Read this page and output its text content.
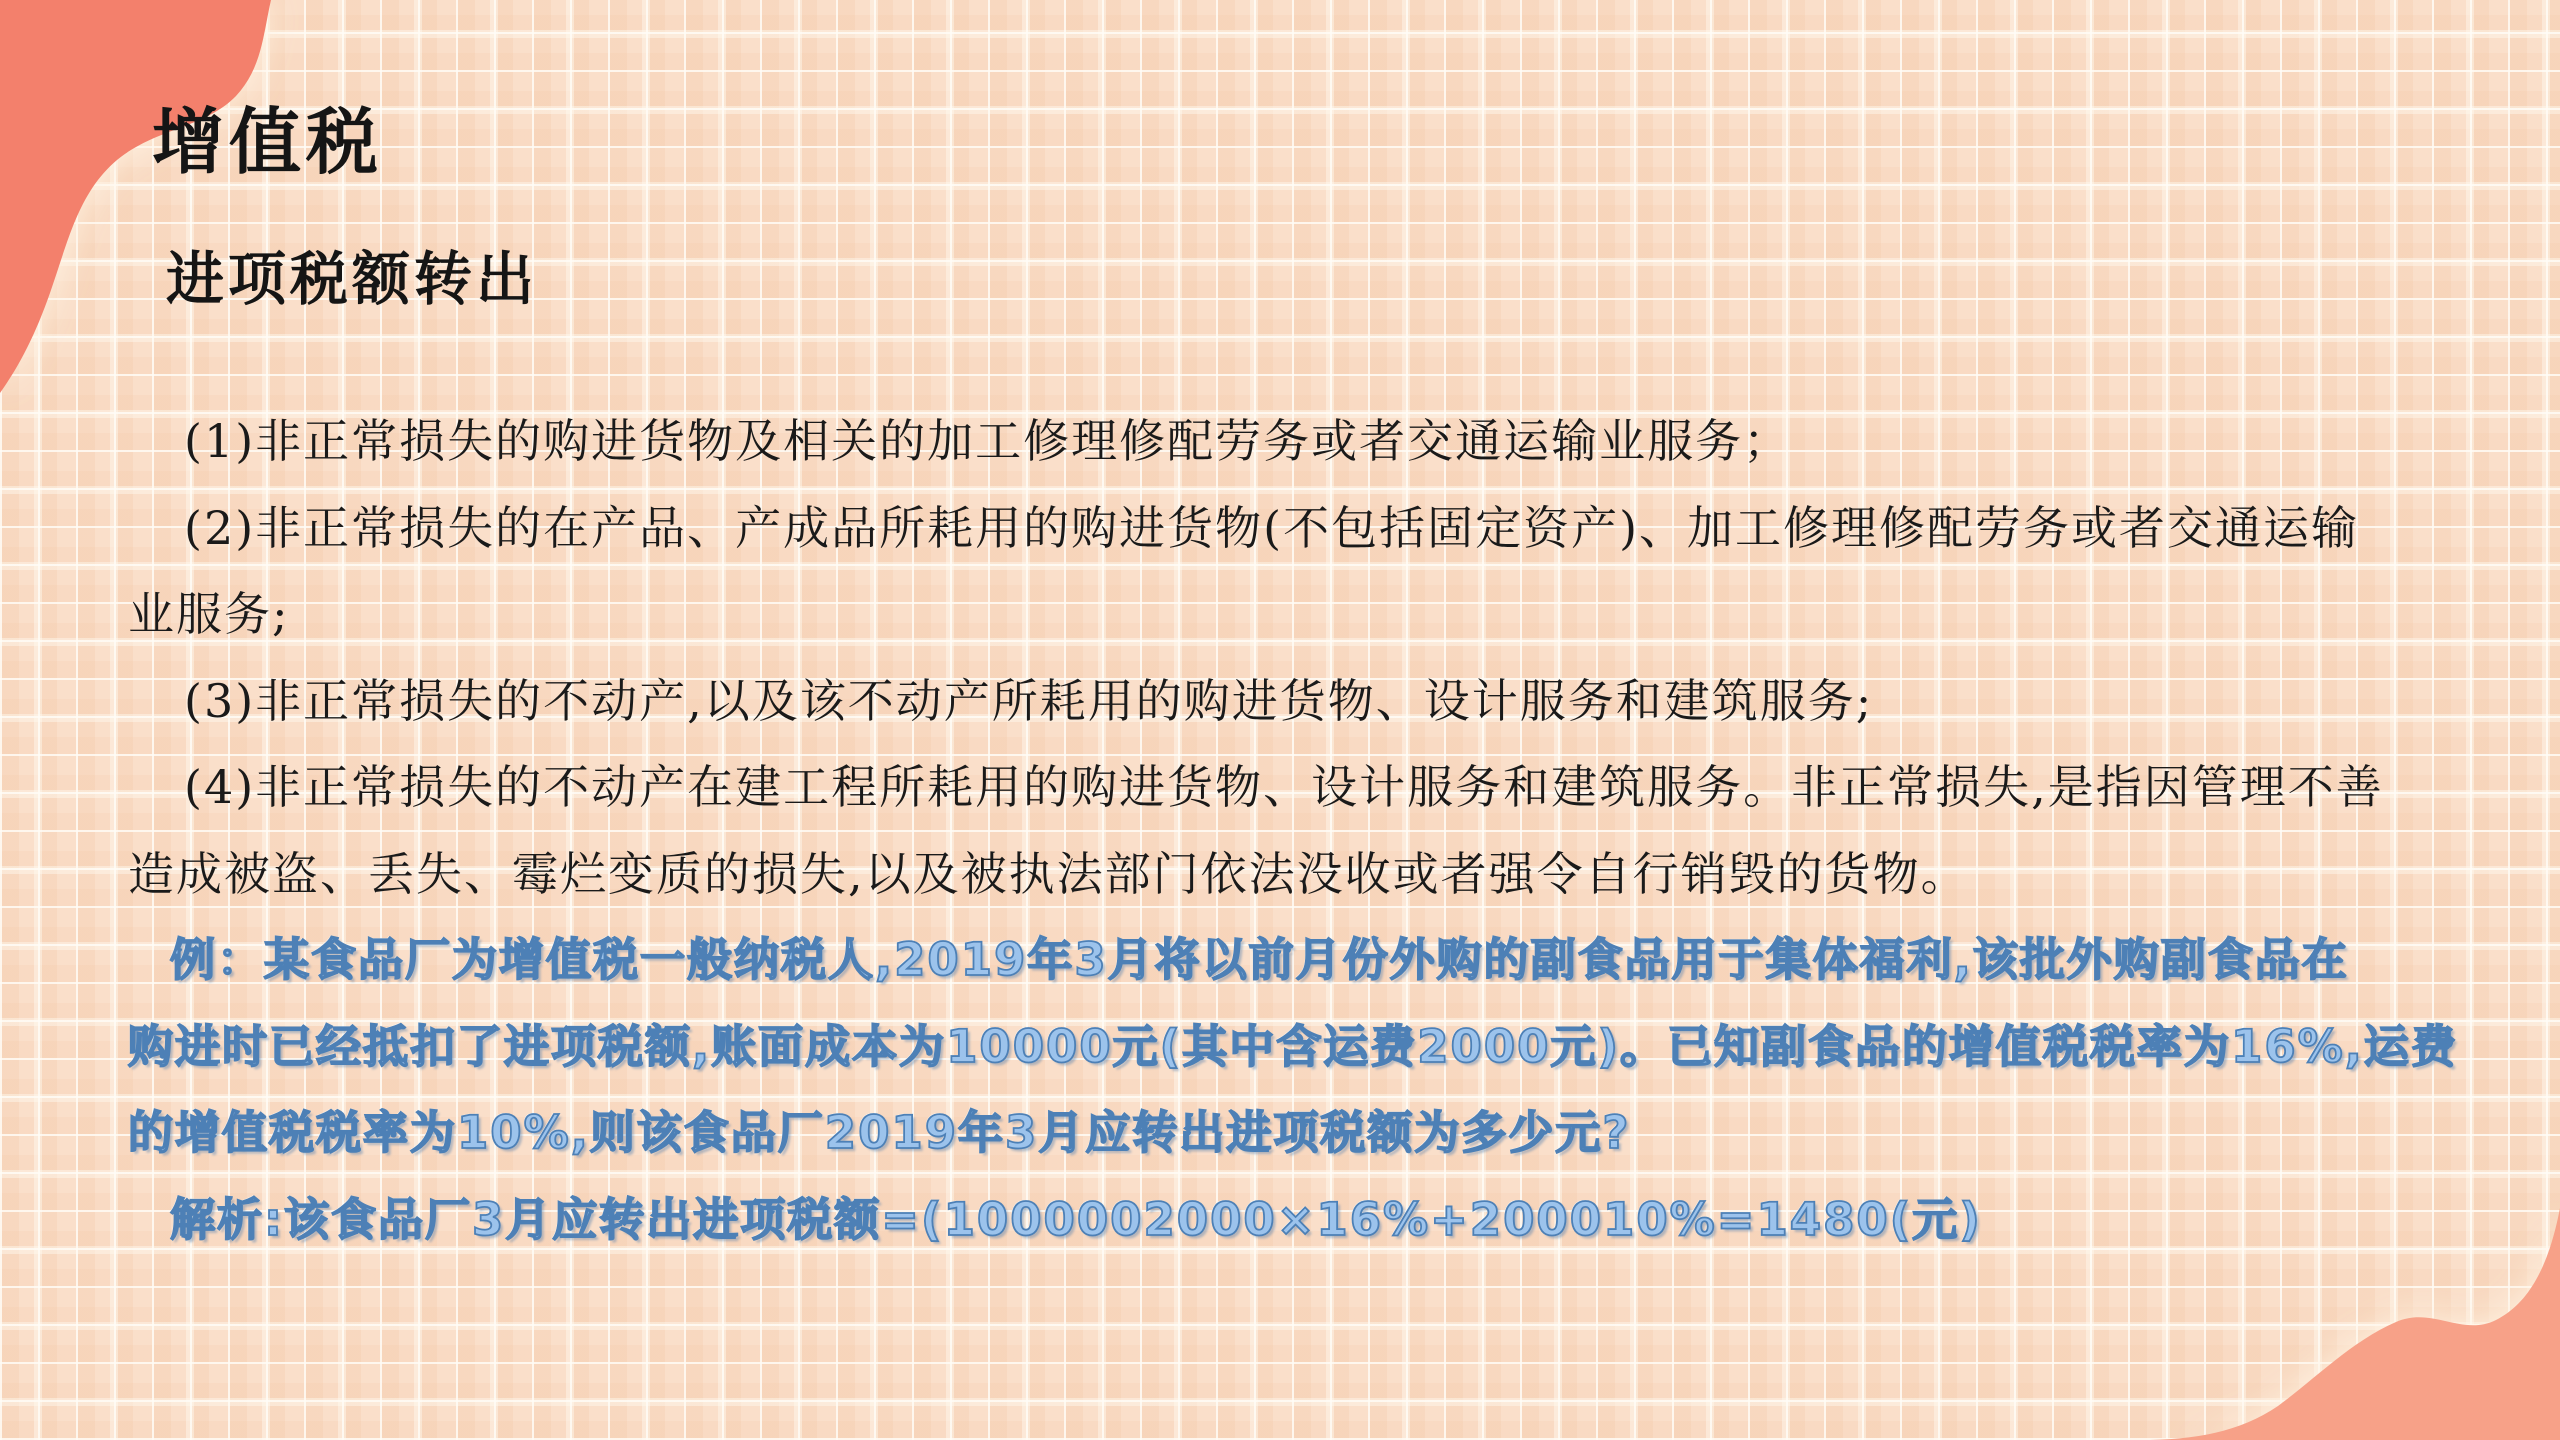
增值税
进项税额转出
(1)非正常损失的购进货物及相关的加工修理修配劳务或者交通运输业服务；
(2)非正常损失的在产品、产成品所耗用的购进货物(不包括固定资产)、加工修理修配劳务或者交通运输
业服务;
(3)非正常损失的不动产,以及该不动产所耗用的购进货物、设计服务和建筑服务;
(4)非正常损失的不动产在建工程所耗用的购进货物、设计服务和建筑服务。非正常损失,是指因管理不善
造成被盗、丢失、霉烂变质的损失,以及被执法部门依法没收或者强令自行销毁的货物。
例：某食品厂为增值税一般纳税人,2019年3月将以前月份外购的副食品用于集体福利,该批外购副食品在
购进时已经抵扣了进项税额,账面成本为10000元(其中含运费2000元)。已知副食品的增值税税率为16%,运费
的增值税税率为10%,则该食品厂2019年3月应转出进项税额为多少元?
解析:该食品厂3月应转出进项税额=(1000002000×16%+200010%=1480(元)
